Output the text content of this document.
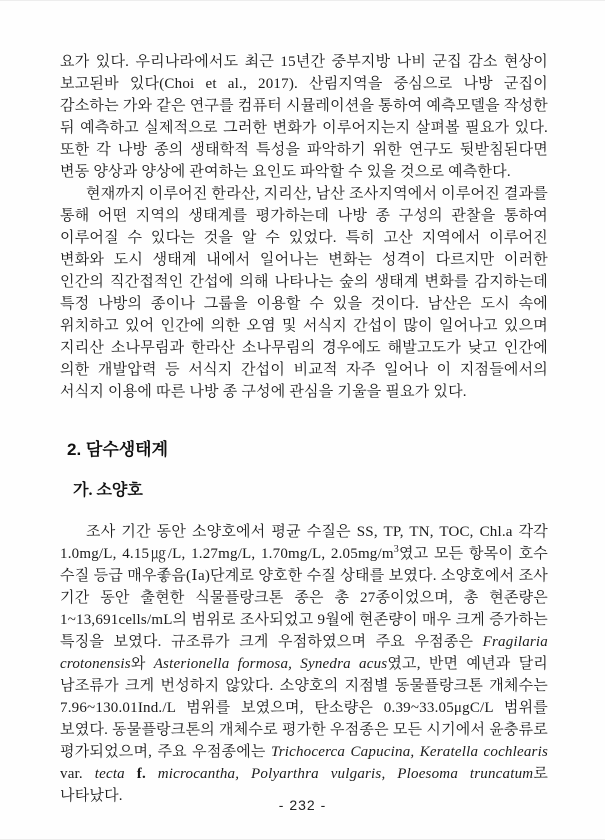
요가 있다. 우리나라에서도 최근 15년간 중부지방 나비 군집 감소 현상이 보고된바 있다(Choi et al., 2017). 산림지역을 중심으로 나방 군집이 감소하는 가와 같은 연구를 컴퓨터 시뮬레이션을 통하여 예측모델을 작성한 뒤 예측하고 실제적으로 그러한 변화가 이루어지는지 살펴볼 필요가 있다. 또한 각 나방 종의 생태학적 특성을 파악하기 위한 연구도 뒷받침된다면 변동 양상과 양상에 관여하는 요인도 파악할 수 있을 것으로 예측한다.

현재까지 이루어진 한라산, 지리산, 남산 조사지역에서 이루어진 결과를 통해 어떤 지역의 생태계를 평가하는데 나방 종 구성의 관찰을 통하여 이루어질 수 있다는 것을 알 수 있었다. 특히 고산 지역에서 이루어진 변화와 도시 생태계 내에서 일어나는 변화는 성격이 다르지만 이러한 인간의 직간접적인 간섭에 의해 나타나는 숲의 생태계 변화를 감지하는데 특정 나방의 종이나 그룹을 이용할 수 있을 것이다. 남산은 도시 속에 위치하고 있어 인간에 의한 오염 및 서식지 간섭이 많이 일어나고 있으며 지리산 소나무림과 한라산 소나무림의 경우에도 해발고도가 낮고 인간에 의한 개발압력 등 서식지 간섭이 비교적 자주 일어나 이 지점들에서의 서식지 이용에 따른 나방 종 구성에 관심을 기울을 필요가 있다.

2. 담수생태계
가. 소양호

조사 기간 동안 소양호에서 평균 수질은 SS, TP, TN, TOC, Chl.a 각각 1.0mg/L, 4.15㎍/L, 1.27mg/L, 1.70mg/L, $2.05mg/m^3$였고 모든 항목이 호수 수질 등급 매우좋음(Ⅰa)단계로 양호한 수질 상태를 보였다. 소양호에서 조사 기간 동안 출현한 식물플랑크톤 종은 총 27종이었으며, 총 현존량은 1~13,691cells/mL의 범위로 조사되었고 9월에 현존량이 매우 크게 증가하는 특징을 보였다. 규조류가 크게 우점하였으며 주요 우점종은 Fragilaria crotonensis와 Asterionella formosa, Synedra acus였고, 반면 예년과 달리 남조류가 크게 번성하지 않았다. 소양호의 지점별 동물플랑크톤 개체수는 7.96~130.01Ind./L 범위를 보였으며, 탄소량은 0.39~33.05μgC/L 범위를 보였다. 동물플랑크톤의 개체수로 평가한 우점종은 모든 시기에서 윤충류로 평가되었으며, 주요 우점종에는 Trichocerca Capucina, Keratella cochlearis var. tecta f. microcantha, Polyarthra vulgaris, Ploesoma truncatum로 나타났다.

- 232 -
